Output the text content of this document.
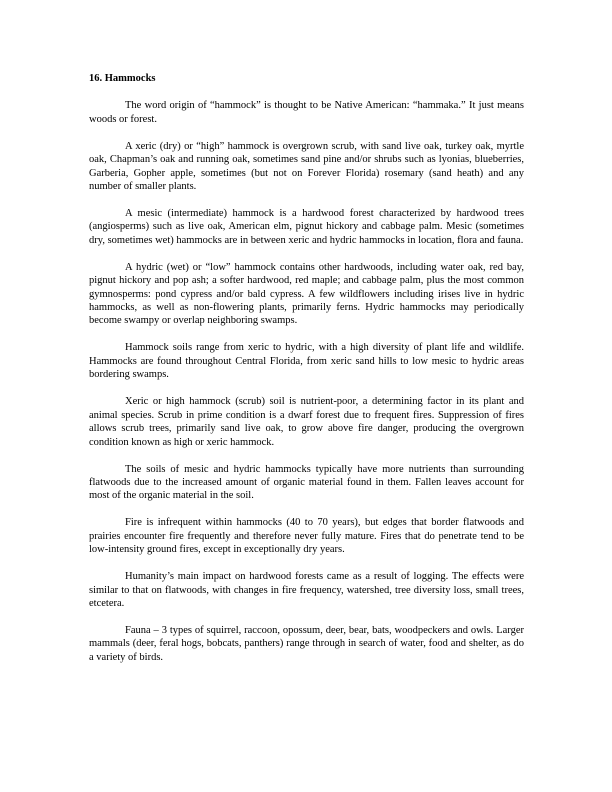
16. Hammocks

The word origin of “hammock” is thought to be Native American: “hammaka.” It just means woods or forest.

A xeric (dry) or “high” hammock is overgrown scrub, with sand live oak, turkey oak, myrtle oak, Chapman’s oak and running oak, sometimes sand pine and/or shrubs such as lyonias, blueberries, Garberia, Gopher apple, sometimes (but not on Forever Florida) rosemary (sand heath) and any number of smaller plants.

A mesic (intermediate) hammock is a hardwood forest characterized by hardwood trees (angiosperms) such as live oak, American elm, pignut hickory and cabbage palm. Mesic (sometimes dry, sometimes wet) hammocks are in between xeric and hydric hammocks in location, flora and fauna.

A hydric (wet) or “low” hammock contains other hardwoods, including water oak, red bay, pignut hickory and pop ash; a softer hardwood, red maple; and cabbage palm, plus the most common gymnosperms: pond cypress and/or bald cypress. A few wildflowers including irises live in hydric hammocks, as well as non-flowering plants, primarily ferns. Hydric hammocks may periodically become swampy or overlap neighboring swamps.

Hammock soils range from xeric to hydric, with a high diversity of plant life and wildlife. Hammocks are found throughout Central Florida, from xeric sand hills to low mesic to hydric areas bordering swamps.

Xeric or high hammock (scrub) soil is nutrient-poor, a determining factor in its plant and animal species. Scrub in prime condition is a dwarf forest due to frequent fires. Suppression of fires allows scrub trees, primarily sand live oak, to grow above fire danger, producing the overgrown condition known as high or xeric hammock.

The soils of mesic and hydric hammocks typically have more nutrients than surrounding flatwoods due to the increased amount of organic material found in them. Fallen leaves account for most of the organic material in the soil.

Fire is infrequent within hammocks (40 to 70 years), but edges that border flatwoods and prairies encounter fire frequently and therefore never fully mature. Fires that do penetrate tend to be low-intensity ground fires, except in exceptionally dry years.

Humanity’s main impact on hardwood forests came as a result of logging. The effects were similar to that on flatwoods, with changes in fire frequency, watershed, tree diversity loss, small trees, etcetera.

Fauna – 3 types of squirrel, raccoon, opossum, deer, bear, bats, woodpeckers and owls. Larger mammals (deer, feral hogs, bobcats, panthers) range through in search of water, food and shelter, as do a variety of birds.
